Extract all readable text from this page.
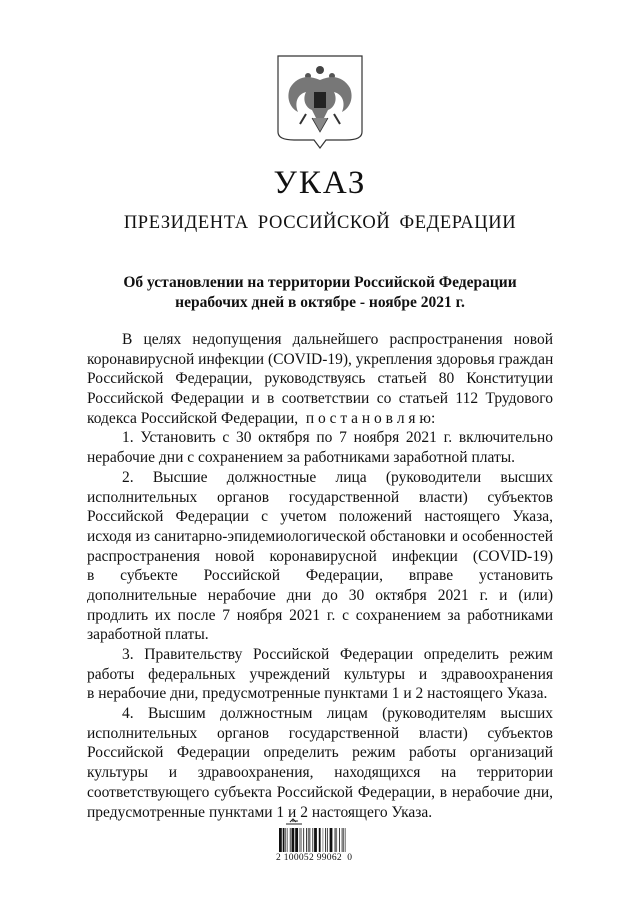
УКАЗ
ПРЕЗИДЕНТА РОССИЙСКОЙ ФЕДЕРАЦИИ
Об установлении на территории Российской Федерации
нерабочих дней в октябре - ноябре 2021 г.
В целях недопущения дальнейшего распространения новой
коронавирусной инфекции (COVID-19), укрепления здоровья граждан
Российской Федерации, руководствуясь статьей 80 Конституции
Российской Федерации и в соответствии со статьей 112 Трудового
кодекса Российской Федерации, п о с т а н о в л я ю:
1. Установить с 30 октября по 7 ноября 2021 г. включительно
нерабочие дни с сохранением за работниками заработной платы.
2. Высшие должностные лица (руководители высших
исполнительных органов государственной власти) субъектов
Российской Федерации с учетом положений настоящего Указа,
исходя из санитарно-эпидемиологической обстановки и особенностей
распространения новой коронавирусной инфекции (COVID-19)
в субъекте Российской Федерации, вправе установить
дополнительные нерабочие дни до 30 октября 2021 г. и (или)
продлить их после 7 ноября 2021 г. с сохранением за работниками
заработной платы.
3. Правительству Российской Федерации определить режим
работы федеральных учреждений культуры и здравоохранения
в нерабочие дни, предусмотренные пунктами 1 и 2 настоящего Указа.
4. Высшим должностным лицам (руководителям высших
исполнительных органов государственной власти) субъектов
Российской Федерации определить режим работы организаций
культуры и здравоохранения, находящихся на территории
соответствующего субъекта Российской Федерации, в нерабочие дни,
предусмотренные пунктами 1 и 2 настоящего Указа.
2 100052 99062  0
